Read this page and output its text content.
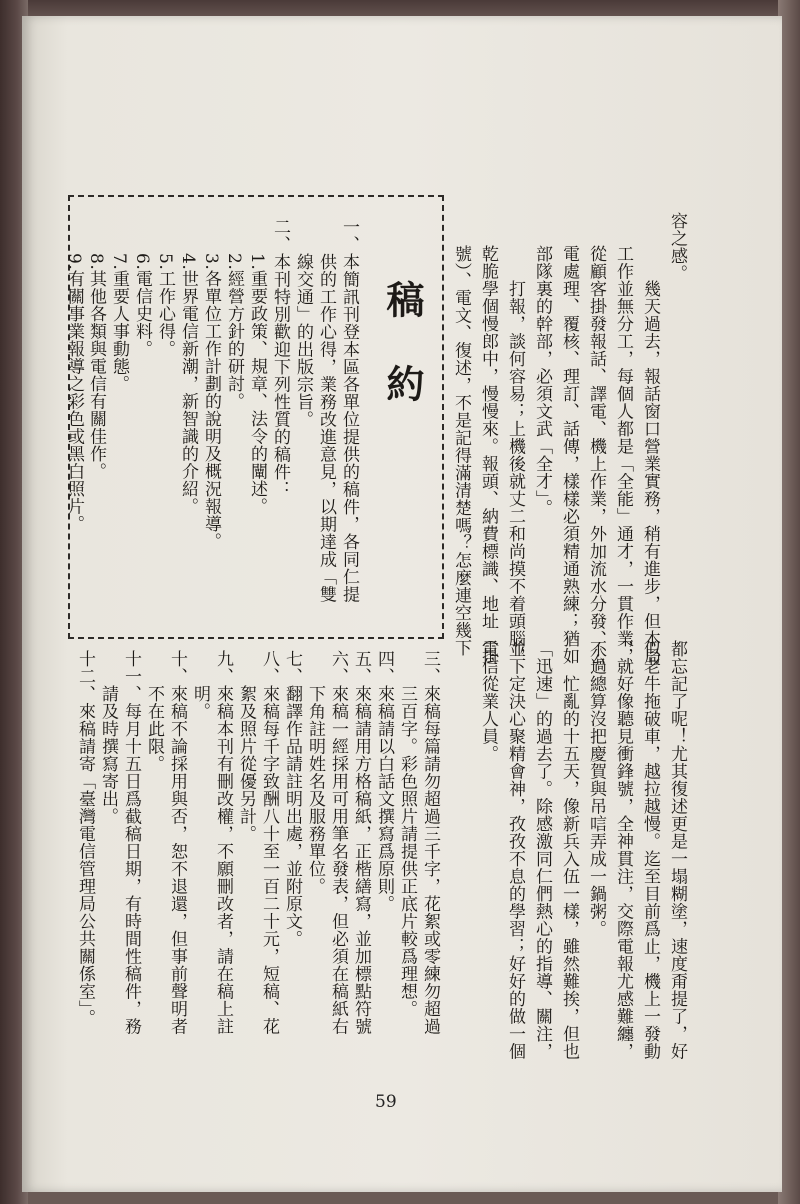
容之感。
　　幾天過去，報話窗口營業實務，稍有進步，但本局
工作並無分工，每個人都是「全能」通才，一貫作業，
從顧客掛發報話、譯電、機上作業，外加流水分發、公
電處理、覆核、理訂、話傳，樣樣必須精通熟練；猶如
部隊裏的幹部，必須文武「全才」。
　　打報，談何容易；上機後就丈二和尚摸不着頭腦，
乾脆學個慢郎中，慢慢來。報頭、納費標識、地址（掛
號）、電文、復述，不是記得滿清楚嗎？怎麼連空幾下
都忘記了呢！尤其復述更是一塌糊塗，速度甭提了，好
似老牛拖破車，越拉越慢。迄至目前爲止，機上一發動
，就好像聽見衝鋒號，全神貫注，交際電報尤感難纏，
不過總算沒把慶賀與吊唁弄成一鍋粥。
　　忙亂的十五天，像新兵入伍一樣，雖然難挨，但也
「迅速」的過去了。除感激同仁們熱心的指導、關注，
並下定決心聚精會神，孜孜不息的學習；好好的做一個
電信從業人員。
稿約
一、本簡訊刊登本區各單位提供的稿件，各同仁提
　　供的工作心得，業務改進意見，以期達成「雙
　　線交通」的出版宗旨。
二、本刊特別歡迎下列性質的稿件：
　　1.重要政策、規章、法令的闡述。
　　2.經營方針的研討。
　　3.各單位工作計劃的說明及概況報導。
　　4.世界電信新潮，新智識的介紹。
　　5.工作心得。
　　6.電信史料。
　　7.重要人事動態。
　　8.其他各類與電信有關佳作。
　　9.有關事業報導之彩色或黑白照片。
三、來稿每篇請勿超過三千字，花絮或零練勿超過
　　三百字。彩色照片請提供正底片較爲理想。
四、來稿請以白話文撰寫爲原則。
五、來稿請用方格稿紙，正楷繕寫，並加標點符號
六、來稿一經採用可用筆名發表，但必須在稿紙右
　　下角註明姓名及服務單位。
七、翻譯作品請註明出處，並附原文。
八、來稿每千字致酬八十至一百二十元，短稿、花
　　絮及照片從優另計。
九、來稿本刊有刪改權，不願刪改者，請在稿上註
　　明。
十、來稿不論採用與否，恕不退還，但事前聲明者
　　不在此限。
十一、每月十五日爲截稿日期，有時間性稿件，務
　　請及時撰寫寄出。
十二、來稿請寄「臺灣電信管理局公共關係室」。
59
